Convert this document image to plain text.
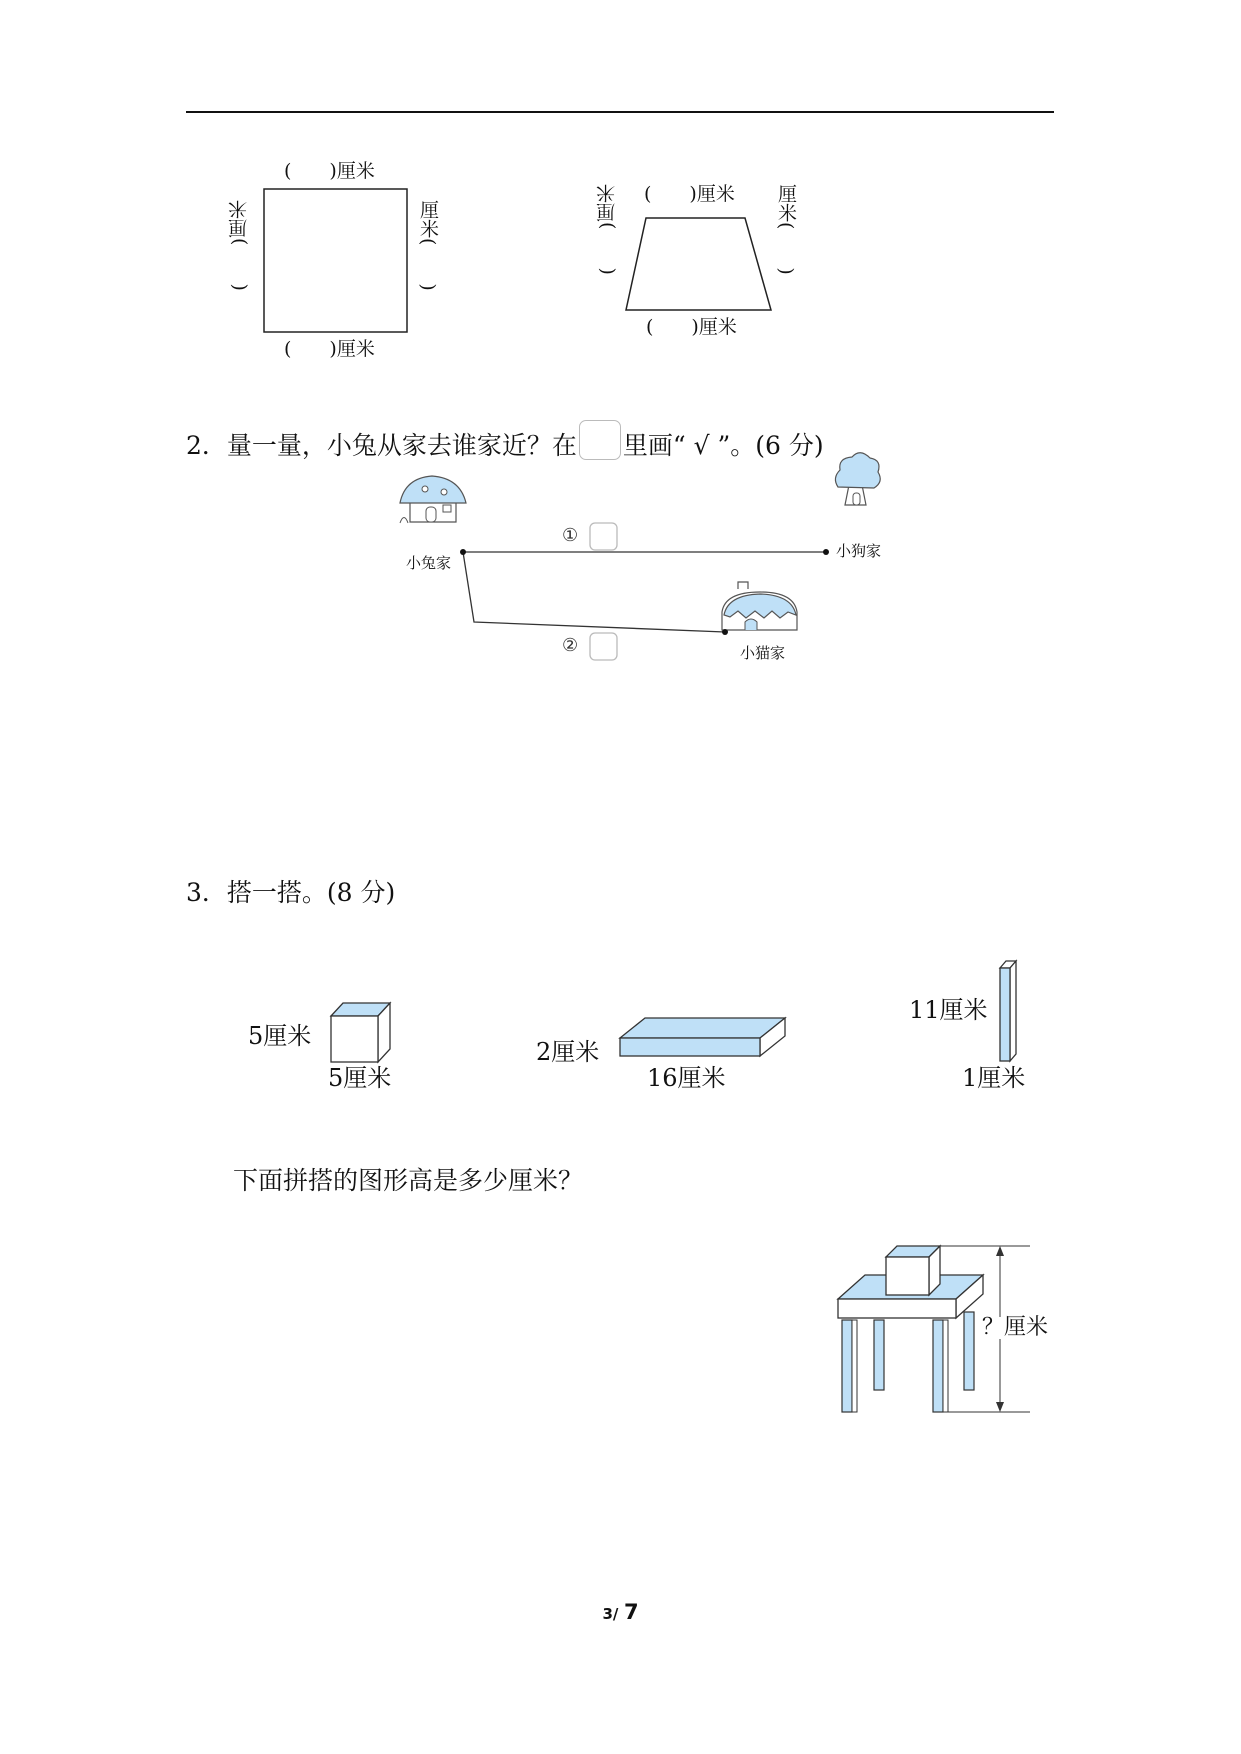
(　　)厘米
(　　)厘米
(　　)厘米	厘米(　　)
(　　)厘米
(　　)厘米
(　　)厘米	厘米(　　)
2．量一量，小兔从家去谁家近？在 里画“ √ ”。(6 分)
小兔家
小狗家
小猫家
①
②
3．搭一搭。(8 分)
5厘米
5厘米
2厘米
16厘米
11厘米
1厘米
？厘米
下面拼搭的图形高是多少厘米？
3/ 7
